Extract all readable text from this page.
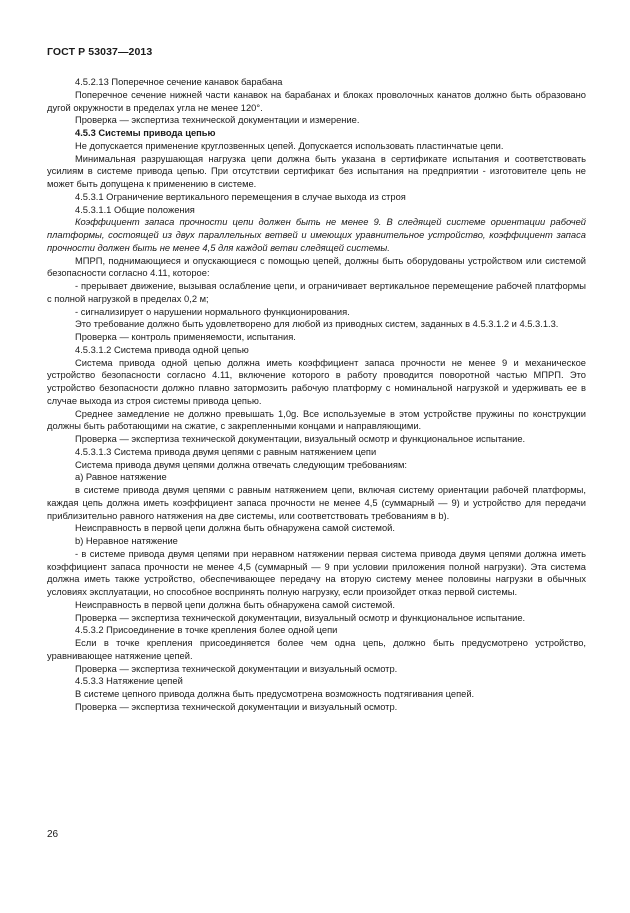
ГОСТ Р 53037—2013

4.5.2.13 Поперечное сечение канавок барабана

Поперечное сечение нижней части канавок на барабанах и блоках проволочных канатов должно быть образовано дугой окружности в пределах угла не менее 120°.

Проверка — экспертиза технической документации и измерение.

4.5.3 Системы привода цепью

Не допускается применение круглозвенных цепей. Допускается использовать пластинчатые цепи.

Минимальная разрушающая нагрузка цепи должна быть указана в сертификате испытания и соответствовать усилиям в системе привода цепью. При отсутствии сертификат без испытания на предприятии - изготовителе цепь не может быть допущена к применению в системе.

4.5.3.1 Ограничение вертикального перемещения в случае выхода из строя

4.5.3.1.1 Общие положения

Коэффициент запаса прочности цепи должен быть не менее 9. В следящей системе ориентации рабочей платформы, состоящей из двух параллельных ветвей и имеющих уравнительное устройство, коэффициент запаса прочности должен быть не менее 4,5 для каждой ветви следящей системы.

МПРП, поднимающиеся и опускающиеся с помощью цепей, должны быть оборудованы устройством или системой безопасности согласно 4.11, которое:

- прерывает движение, вызывая ослабление цепи, и ограничивает вертикальное перемещение рабочей платформы с полной нагрузкой в пределах 0,2 м;

- сигнализирует о нарушении нормального функционирования.

Это требование должно быть удовлетворено для любой из приводных систем, заданных в 4.5.3.1.2 и 4.5.3.1.3.

Проверка — контроль применяемости, испытания.

4.5.3.1.2 Система привода одной цепью

Система привода одной цепью должна иметь коэффициент запаса прочности не менее 9 и механическое устройство безопасности согласно 4.11, включение которого в работу проводится поворотной частью МПРП. Это устройство безопасности должно плавно затормозить рабочую платформу с номинальной нагрузкой и удерживать ее в случае выхода из строя системы привода цепью.

Среднее замедление не должно превышать 1,0g. Все используемые в этом устройстве пружины по конструкции должны быть работающими на сжатие, с закрепленными концами и направляющими.

Проверка — экспертиза технической документации, визуальный осмотр и функциональное испытание.

4.5.3.1.3 Система привода двумя цепями с равным натяжением цепи

Система привода двумя цепями должна отвечать следующим требованиям:

а) Равное натяжение

в системе привода двумя цепями с равным натяжением цепи, включая систему ориентации рабочей платформы, каждая цепь должна иметь коэффициент запаса прочности не менее 4,5 (суммарный — 9) и устройство для передачи приблизительно равного натяжения на две системы, или соответствовать требованиям в b).

Неисправность в первой цепи должна быть обнаружена самой системой.

b) Неравное натяжение

- в системе привода двумя цепями при неравном натяжении первая система привода двумя цепями должна иметь коэффициент запаса прочности не менее 4,5 (суммарный — 9 при условии приложения полной нагрузки). Эта система должна иметь также устройство, обеспечивающее передачу на вторую систему менее половины нагрузки в обычных условиях эксплуатации, но способное воспринять полную нагрузку, если произойдет отказ первой системы.

Неисправность в первой цепи должна быть обнаружена самой системой.

Проверка — экспертиза технической документации, визуальный осмотр и функциональное испытание.

4.5.3.2 Присоединение в точке крепления более одной цепи

Если в точке крепления присоединяется более чем одна цепь, должно быть предусмотрено устройство, уравнивающее натяжение цепей.

Проверка — экспертиза технической документации и визуальный осмотр.

4.5.3.3 Натяжение цепей

В системе цепного привода должна быть предусмотрена возможность подтягивания цепей.

Проверка — экспертиза технической документации и визуальный осмотр.

26
